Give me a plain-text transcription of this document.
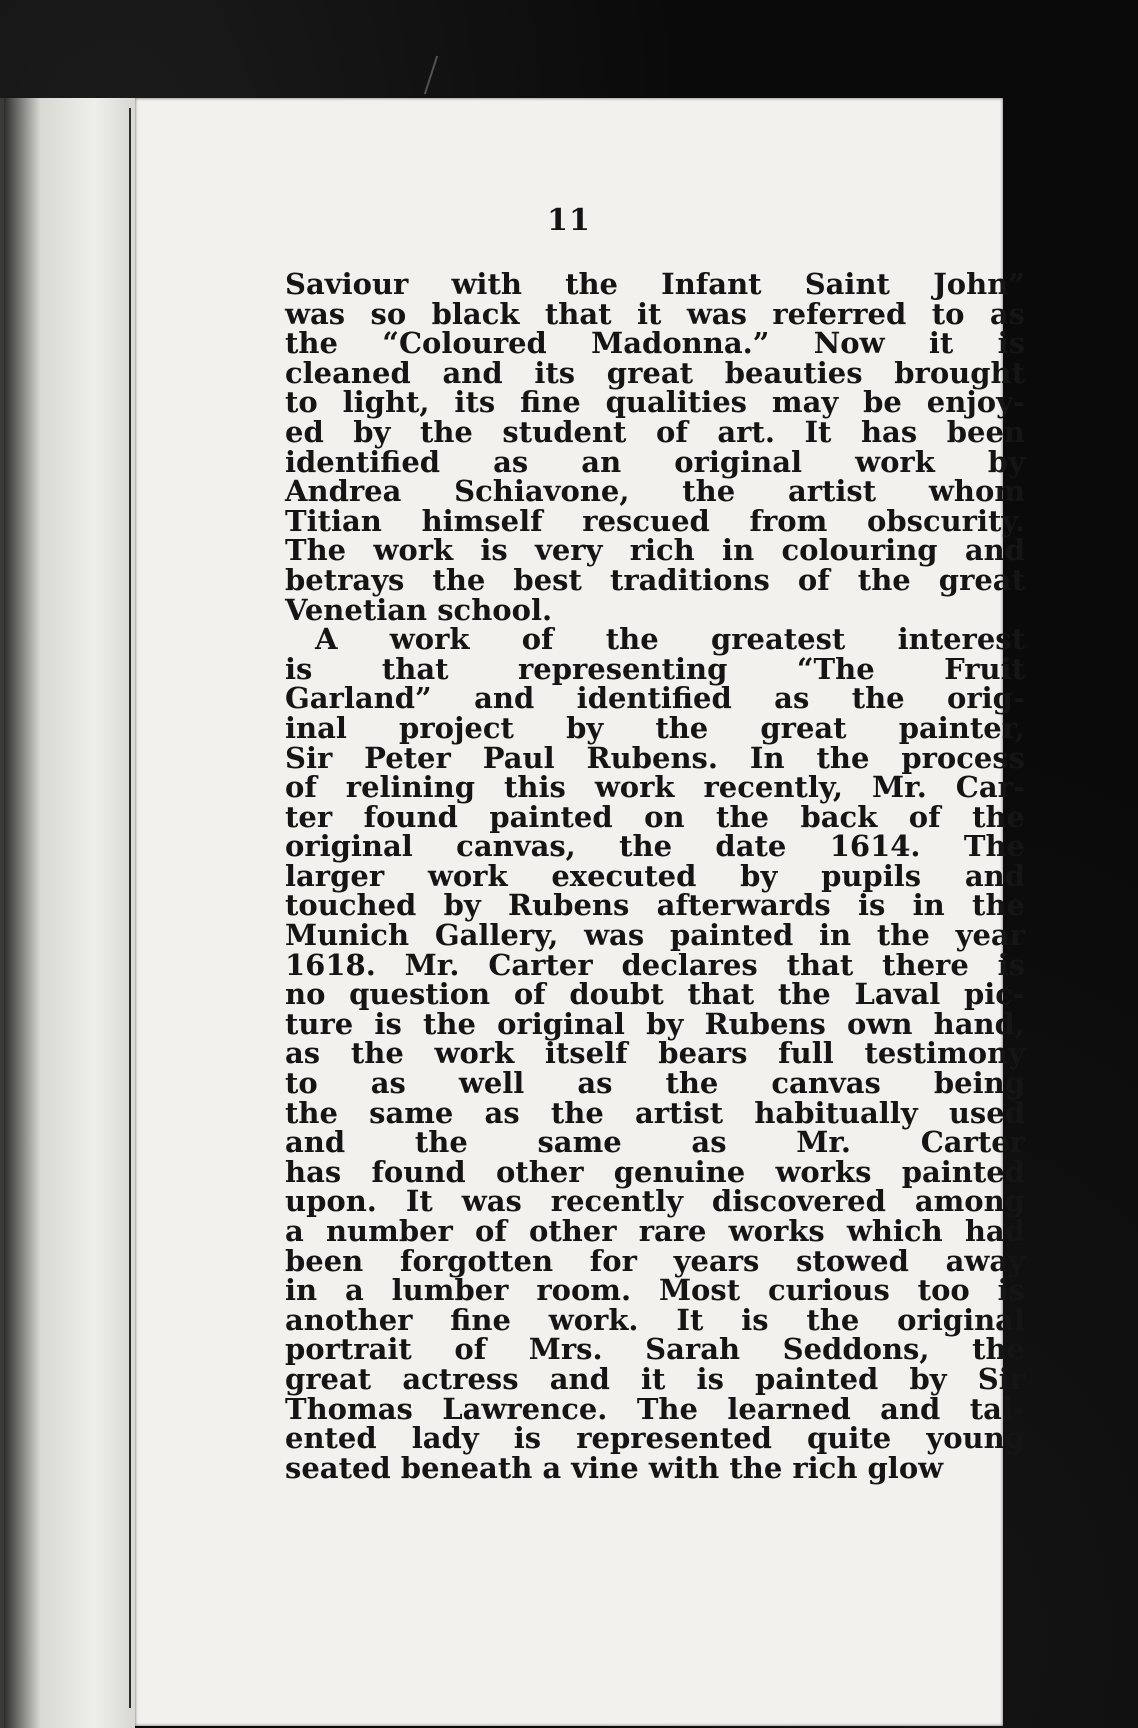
11
Saviour with the Infant Saint John”
was so black that it was referred to as
the “Coloured Madonna.” Now it is
cleaned and its great beauties brought
to light, its fine qualities may be enjoy-
ed by the student of art. It has been
identified as an original work by
Andrea Schiavone, the artist whom
Titian himself rescued from obscurity.
The work is very rich in colouring and
betrays the best traditions of the great
Venetian school.
A work of the greatest interest
is that representing “The Fruit
Garland” and identified as the orig-
inal project by the great painter,
Sir Peter Paul Rubens. In the process
of relining this work recently, Mr. Car-
ter found painted on the back of the
original canvas, the date 1614. The
larger work executed by pupils and
touched by Rubens afterwards is in the
Munich Gallery, was painted in the year
1618. Mr. Carter declares that there is
no question of doubt that the Laval pic-
ture is the original by Rubens own hand,
as the work itself bears full testimony
to as well as the canvas being
the same as the artist habitually used
and the same as Mr. Carter
has found other genuine works painted
upon. It was recently discovered among
a number of other rare works which had
been forgotten for years stowed away
in a lumber room. Most curious too is
another fine work. It is the original
portrait of Mrs. Sarah Seddons, the
great actress and it is painted by Sir
Thomas Lawrence. The learned and tal-
ented lady is represented quite young
seated beneath a vine with the rich glow
